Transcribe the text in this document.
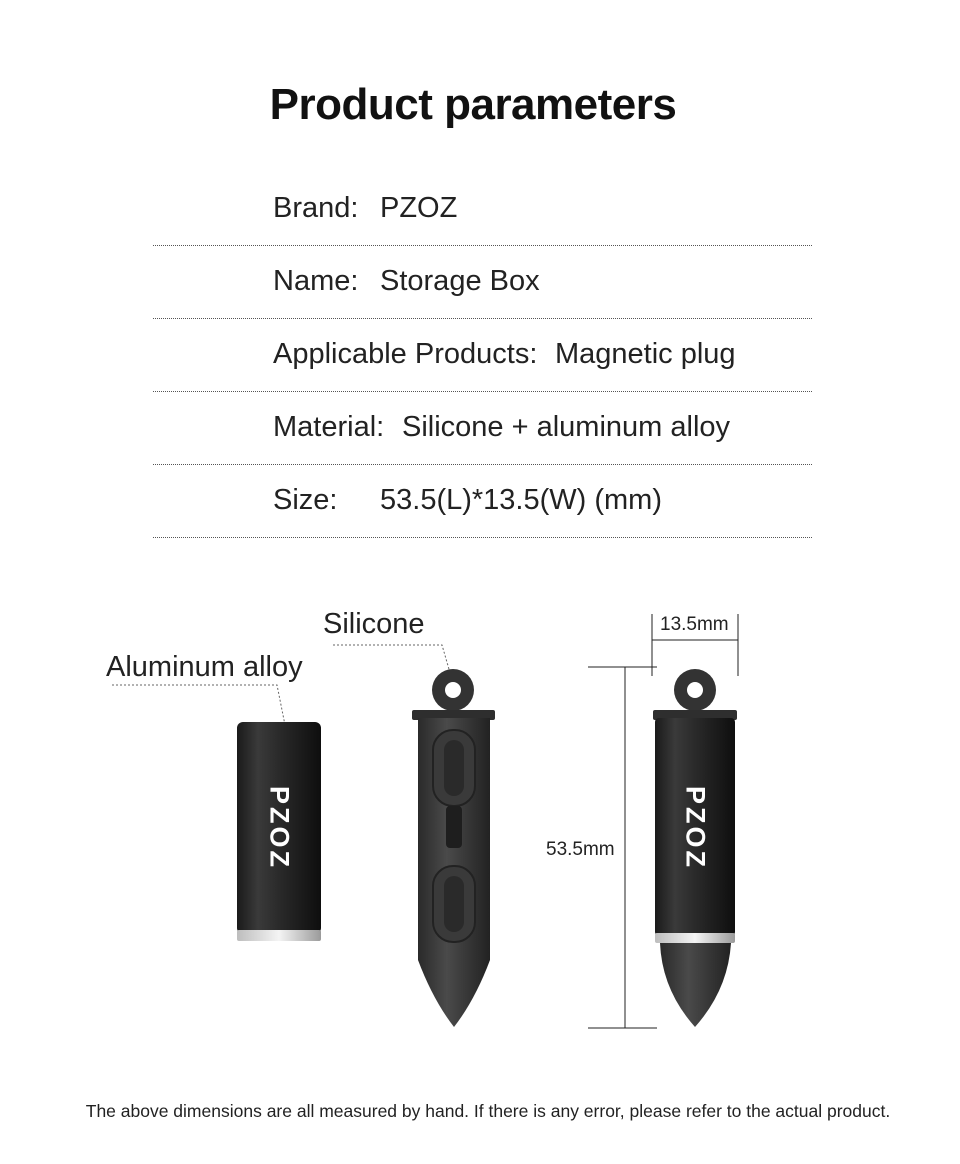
Product parameters
Brand: PZOZ
Name: Storage Box
Applicable Products: Magnetic plug
Material: Silicone + aluminum alloy
Size: 53.5(L)*13.5(W) (mm)
Silicone
Aluminum alloy
13.5mm
53.5mm
PZOZ	PZOZ
The above dimensions are all measured by hand. If there is any error, please refer to the actual product.
